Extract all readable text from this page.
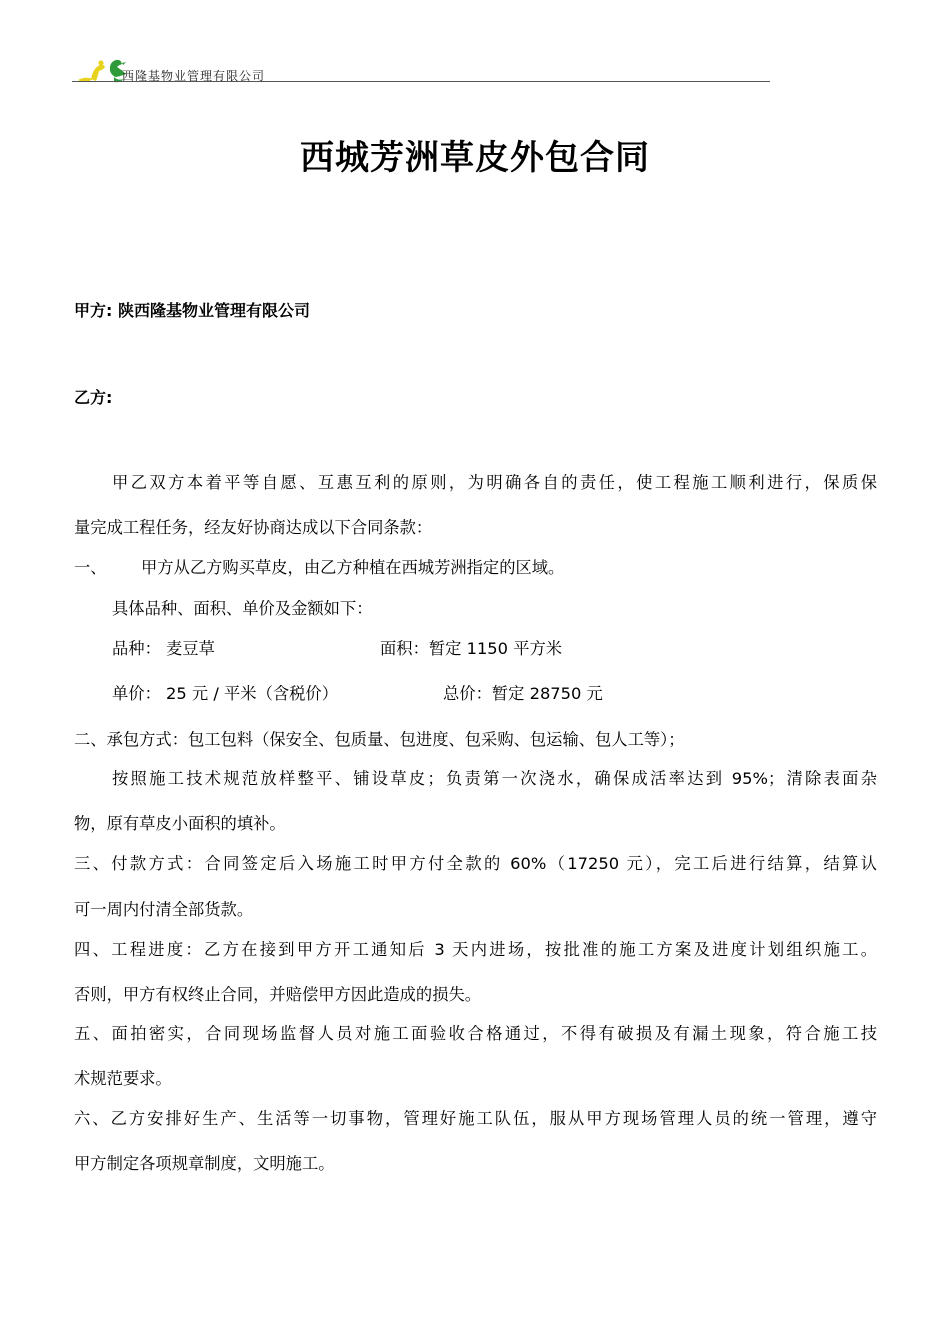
西隆基物业管理有限公司
西城芳洲草皮外包合同
甲方: 陕西隆基物业管理有限公司
乙方:
甲乙双方本着平等自愿、互惠互利的原则，为明确各自的责任，使工程施工顺利进行，保质保
量完成工程任务，经友好协商达成以下合同条款：
一、 甲方从乙方购买草皮，由乙方种植在西城芳洲指定的区域。
具体品种、面积、单价及金额如下：
品种： 麦豆草	面积：暂定 1150 平方米
单价： 25 元 / 平米（含税价）	总价：暂定 28750 元
二、承包方式：包工包料（保安全、包质量、包进度、包采购、包运输、包人工等）；
按照施工技术规范放样整平、铺设草皮；负责第一次浇水，确保成活率达到 95%；清除表面杂
物，原有草皮小面积的填补。
三、付款方式：合同签定后入场施工时甲方付全款的 60%（17250 元），完工后进行结算，结算认
可一周内付清全部货款。
四、工程进度：乙方在接到甲方开工通知后 3 天内进场，按批准的施工方案及进度计划组织施工。
否则，甲方有权终止合同，并赔偿甲方因此造成的损失。
五、面拍密实，合同现场监督人员对施工面验收合格通过，不得有破损及有漏土现象，符合施工技
术规范要求。
六、乙方安排好生产、生活等一切事物，管理好施工队伍，服从甲方现场管理人员的统一管理，遵守
甲方制定各项规章制度，文明施工。
